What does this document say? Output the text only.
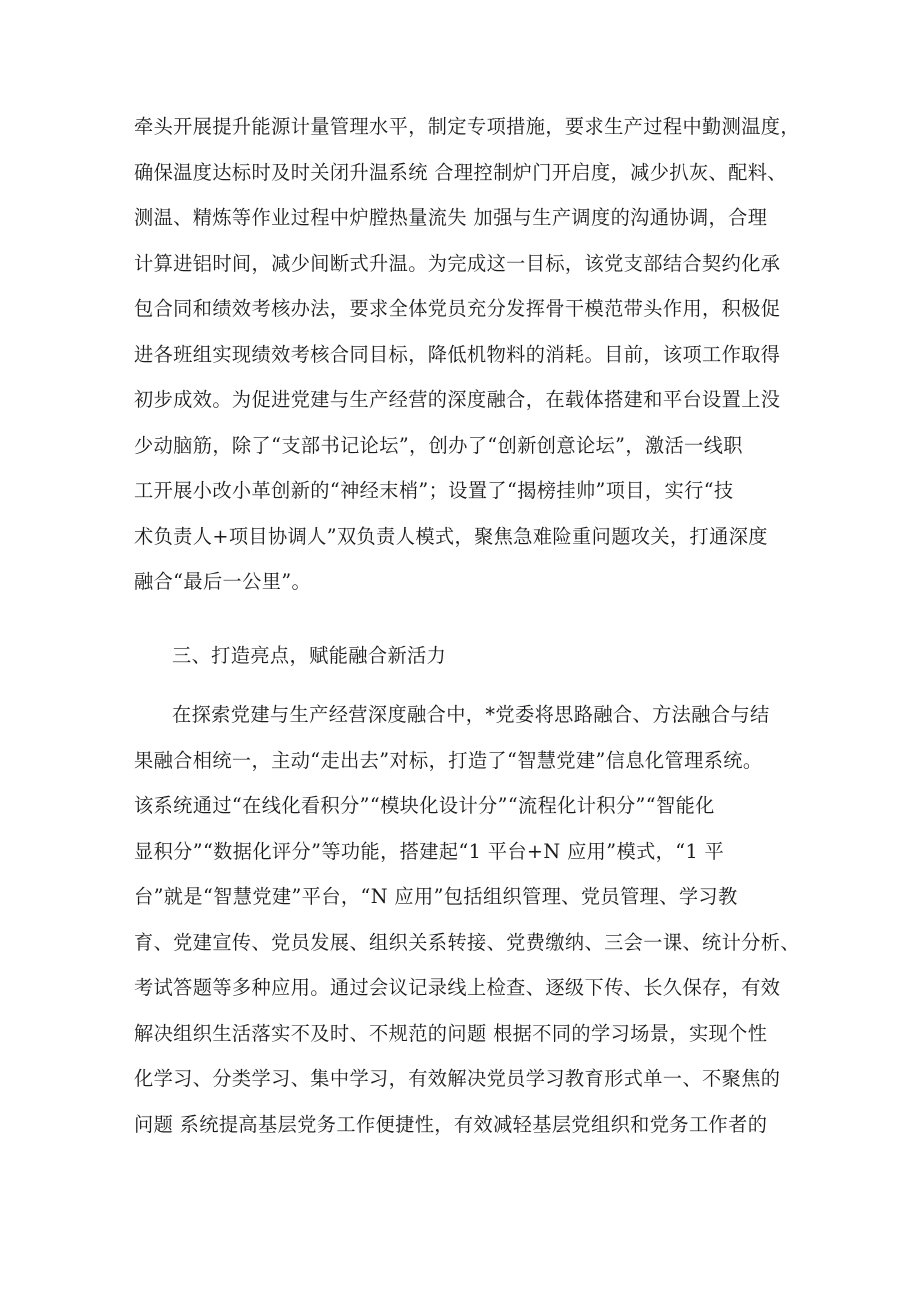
牵头开展提升能源计量管理水平，制定专项措施，要求生产过程中勤测温度，
确保温度达标时及时关闭升温系统 合理控制炉门开启度，减少扒灰、配料、
测温、精炼等作业过程中炉膛热量流失 加强与生产调度的沟通协调，合理
计算进铝时间，减少间断式升温。为完成这一目标，该党支部结合契约化承
包合同和绩效考核办法，要求全体党员充分发挥骨干模范带头作用，积极促
进各班组实现绩效考核合同目标，降低机物料的消耗。目前，该项工作取得
初步成效。为促进党建与生产经营的深度融合，在载体搭建和平台设置上没
少动脑筋，除了“支部书记论坛”，创办了“创新创意论坛”，激活一线职
工开展小改小革创新的“神经末梢”；设置了“揭榜挂帅”项目，实行“技
术负责人+项目协调人”双负责人模式，聚焦急难险重问题攻关，打通深度
融合“最后一公里”。
三、打造亮点，赋能融合新活力
在探索党建与生产经营深度融合中，*党委将思路融合、方法融合与结
果融合相统一，主动“走出去”对标，打造了“智慧党建”信息化管理系统。
该系统通过“在线化看积分”“模块化设计分”“流程化计积分”“智能化
显积分”“数据化评分”等功能，搭建起“1 平台+N 应用”模式，“1 平
台”就是“智慧党建”平台，“N 应用”包括组织管理、党员管理、学习教
育、党建宣传、党员发展、组织关系转接、党费缴纳、三会一课、统计分析、
考试答题等多种应用。通过会议记录线上检查、逐级下传、长久保存，有效
解决组织生活落实不及时、不规范的问题 根据不同的学习场景，实现个性
化学习、分类学习、集中学习，有效解决党员学习教育形式单一、不聚焦的
问题 系统提高基层党务工作便捷性，有效减轻基层党组织和党务工作者的
